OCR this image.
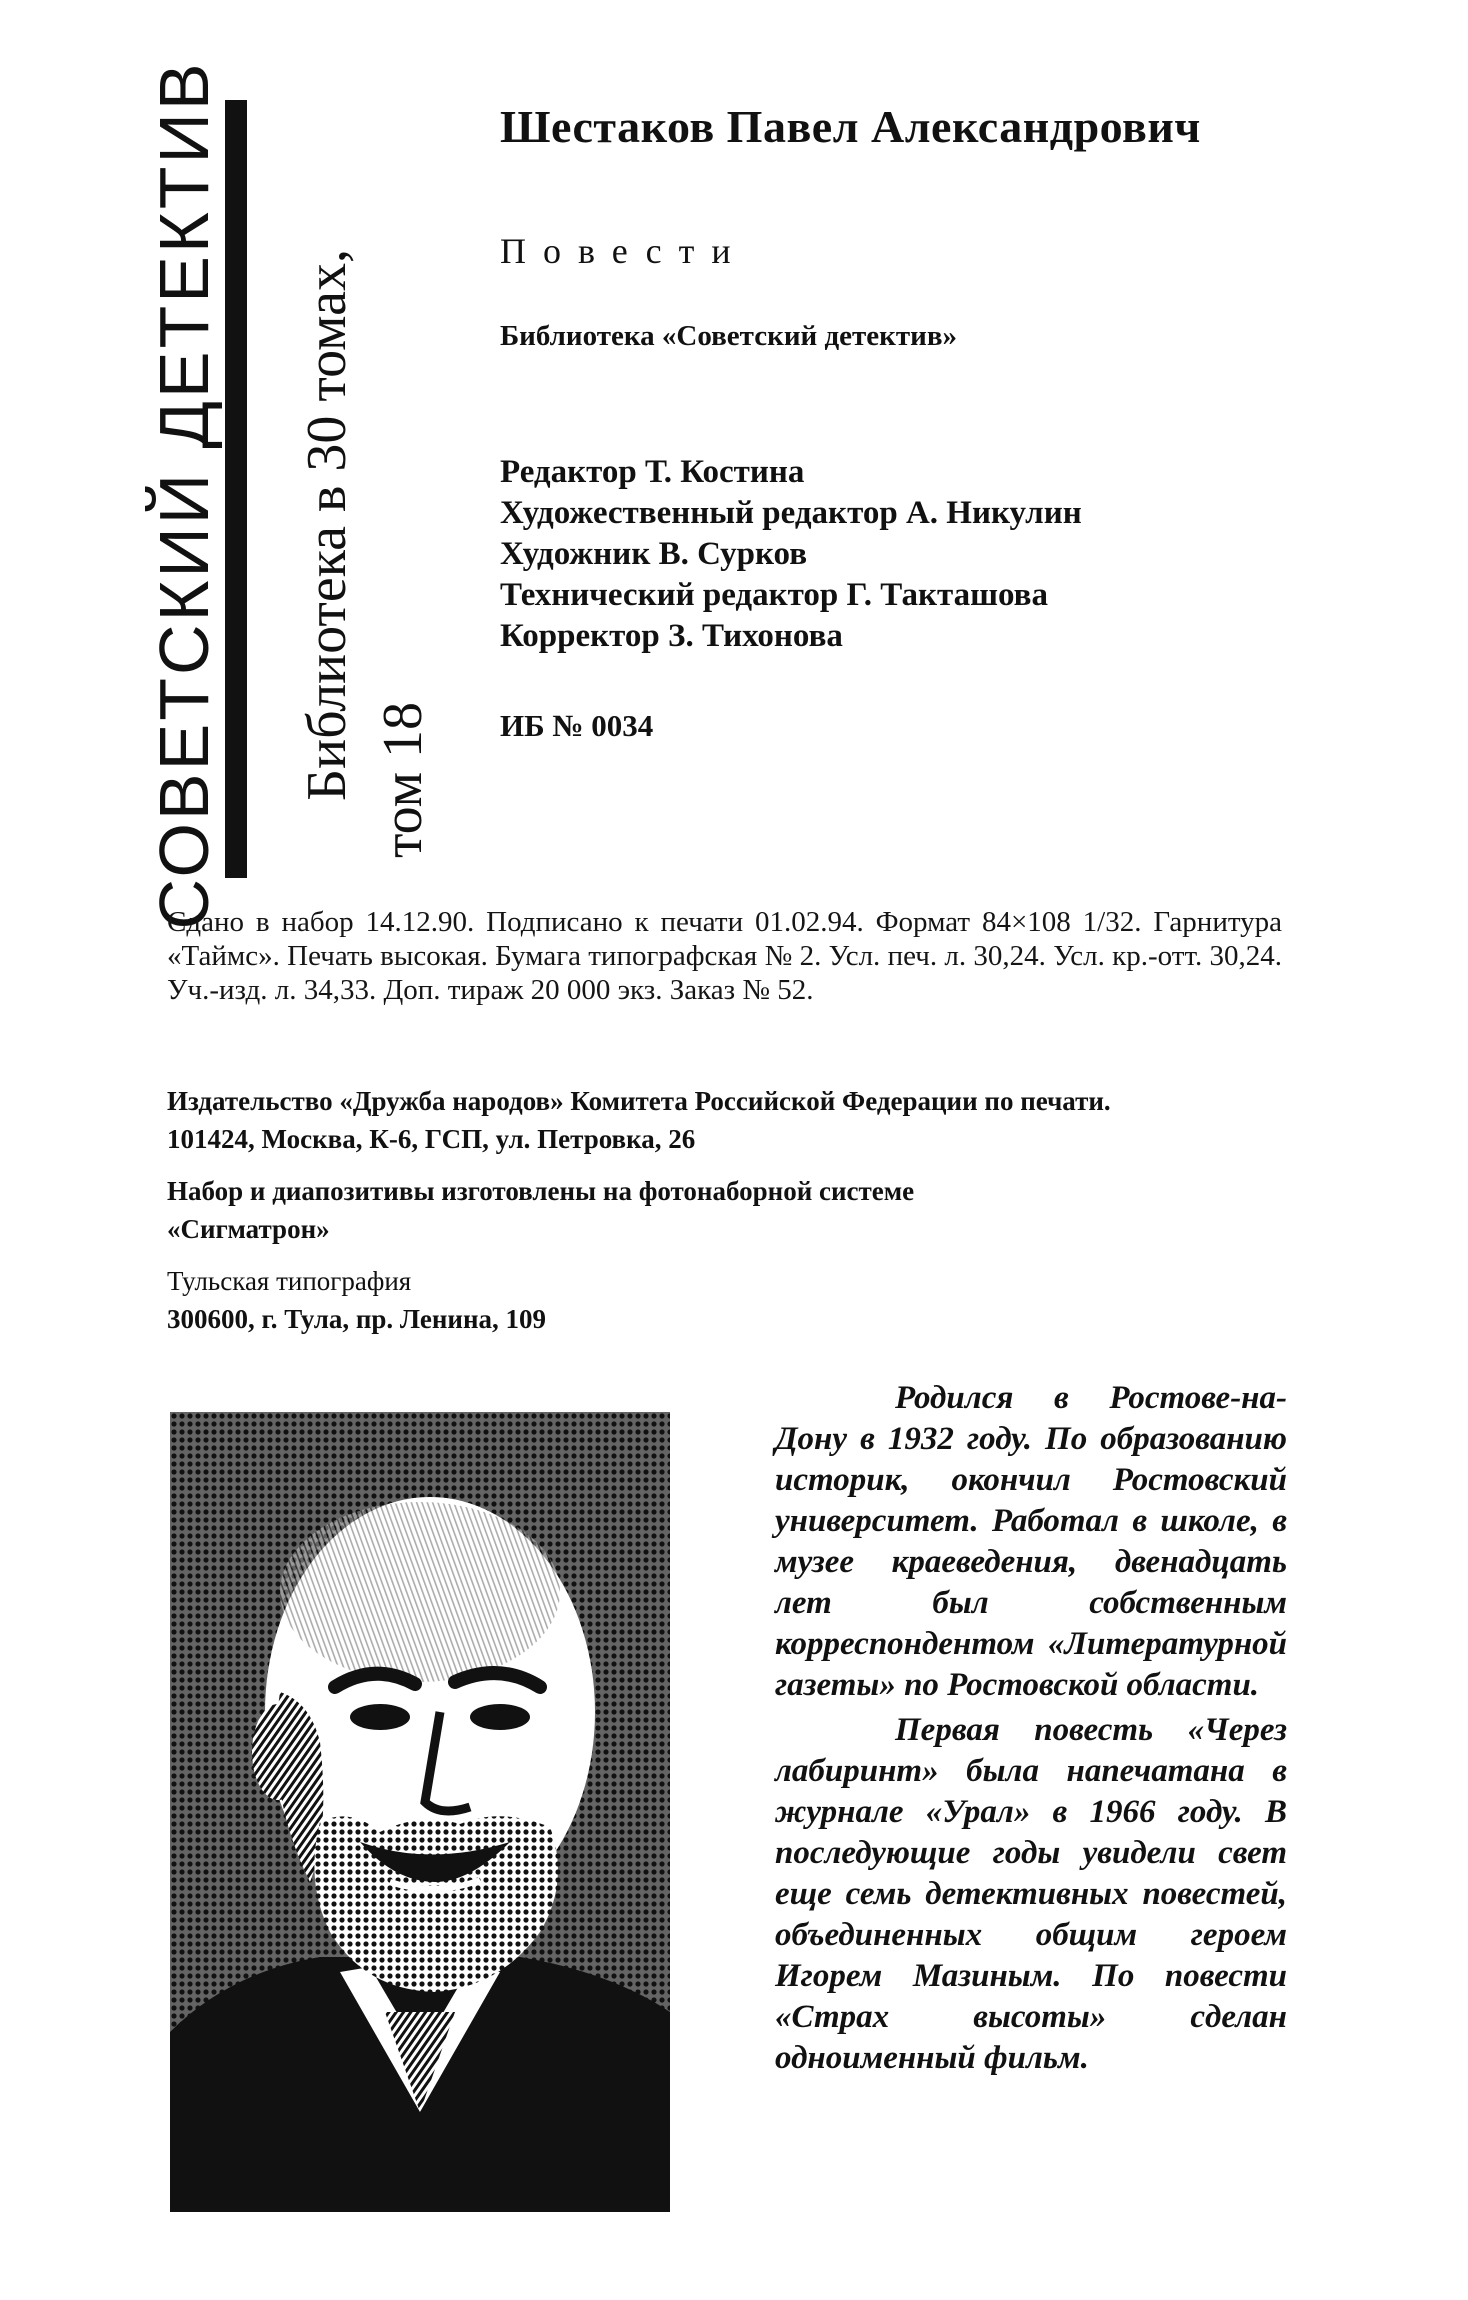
СОВЕТСКИЙ ДЕТЕКТИВ Библиотека в 30 томах, том 18
Шестаков Павел Александрович
Повести
Библиотека «Советский детектив»
Редактор Т. Костина
Художественный редактор А. Никулин
Художник В. Сурков
Технический редактор Г. Такташова
Корректор З. Тихонова
ИБ № 0034
Сдано в набор 14.12.90. Подписано к печати 01.02.94. Формат 84×108 1/32. Гарнитура «Таймс». Печать высокая. Бумага типографская № 2. Усл. печ. л. 30,24. Усл. кр.-отт. 30,24. Уч.-изд. л. 34,33. Доп. тираж 20 000 экз. Заказ № 52.
Издательство «Дружба народов» Комитета Российской Федерации по печати.
101424, Москва, К-6, ГСП, ул. Петровка, 26
Набор и диапозитивы изготовлены на фотонаборной системе
«Сигматрон»
Тульская типография
300600, г. Тула, пр. Ленина, 109

Родился в Ростове-на-Дону в 1932 году. По образованию историк, окончил Ростовский университет. Работал в школе, в музее краеведения, двенадцать лет был собственным корреспондентом «Литературной газеты» по Ростовской области.

Первая повесть «Через лабиринт» была напечатана в журнале «Урал» в 1966 году. В последующие годы увидели свет еще семь детективных повестей, объединенных общим героем Игорем Мазиным. По повести «Страх высоты» сделан одноименный фильм.
